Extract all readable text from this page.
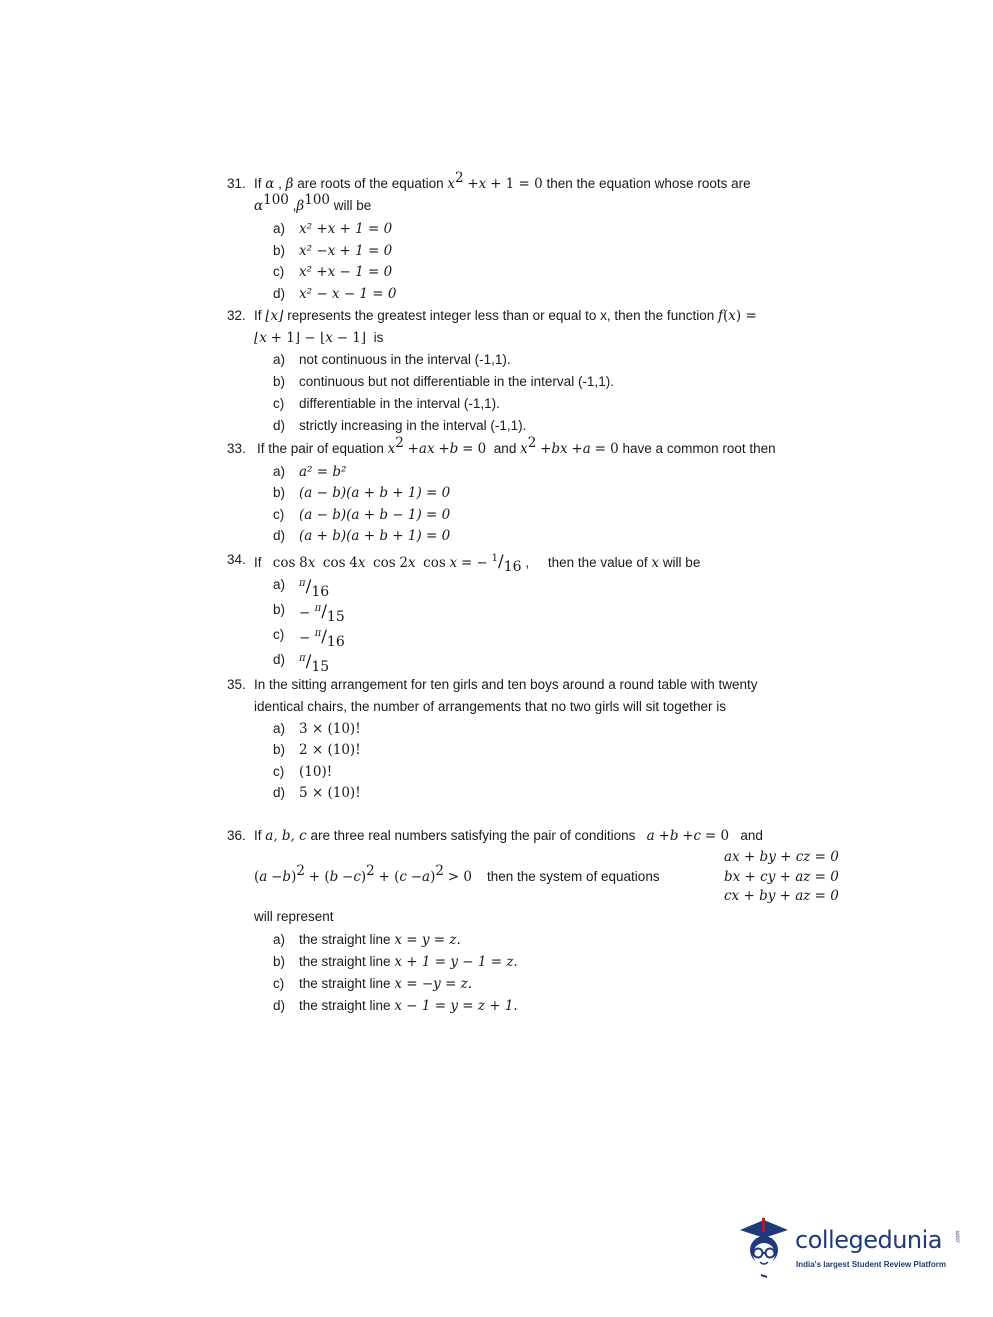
31. If α , β are roots of the equation $x^2 +x + 1 = 0$ then the equation whose roots are
$\alpha^{100}$ $,\beta^{100}$ will be
a) x² +x + 1 = 0
b) x² −x + 1 = 0
c) x² +x − 1 = 0
d) x² − x − 1 = 0
32. If ⌊x⌋ represents the greatest integer less than or equal to x, then the function f(x) =
⌊x + 1⌋ − ⌊x − 1⌋ is
a) not continuous in the interval (-1,1).
b) continuous but not differentiable in the interval (-1,1).
c) differentiable in the interval (-1,1).
d) strictly increasing in the interval (-1,1).
33. If the pair of equation $x^2 +ax +b = 0$ and $x^2 +bx +a = 0$ have a common root then
a) a² = b²
b) (a − b)(a + b + 1) = 0
c) (a − b)(a + b − 1) = 0
d) (a + b)(a + b + 1) = 0
34. If cos 8x cos 4x cos 2x cos x = − $^1$/16 ,     then the value of x will be
a) $^\pi$/16
b) − $^\pi$/15
c) − $^\pi$/16
d) $^\pi$/15
35. In the sitting arrangement for ten girls and ten boys around a round table with twenty
identical chairs, the number of arrangements that no two girls will sit together is
a) 3 × (10)!
b) 2 × (10)!
c) (10)!
d) 5 × (10)!
36. If a, b, c are three real numbers satisfying the pair of conditions a +b +c = 0 and
$(a -b)^2 + (b -c)^2 + (c -a)^2 > 0$ then the system of equations
ax + by + cz = 0
bx + cy + az = 0
cx + by + az = 0
will represent
a) the straight line x = y = z.
b) the straight line x + 1 = y − 1 = z.
c) the straight line x = −y = z.
d) the straight line x − 1 = y = z + 1.
collegedunia .com
India's largest Student Review Platform
